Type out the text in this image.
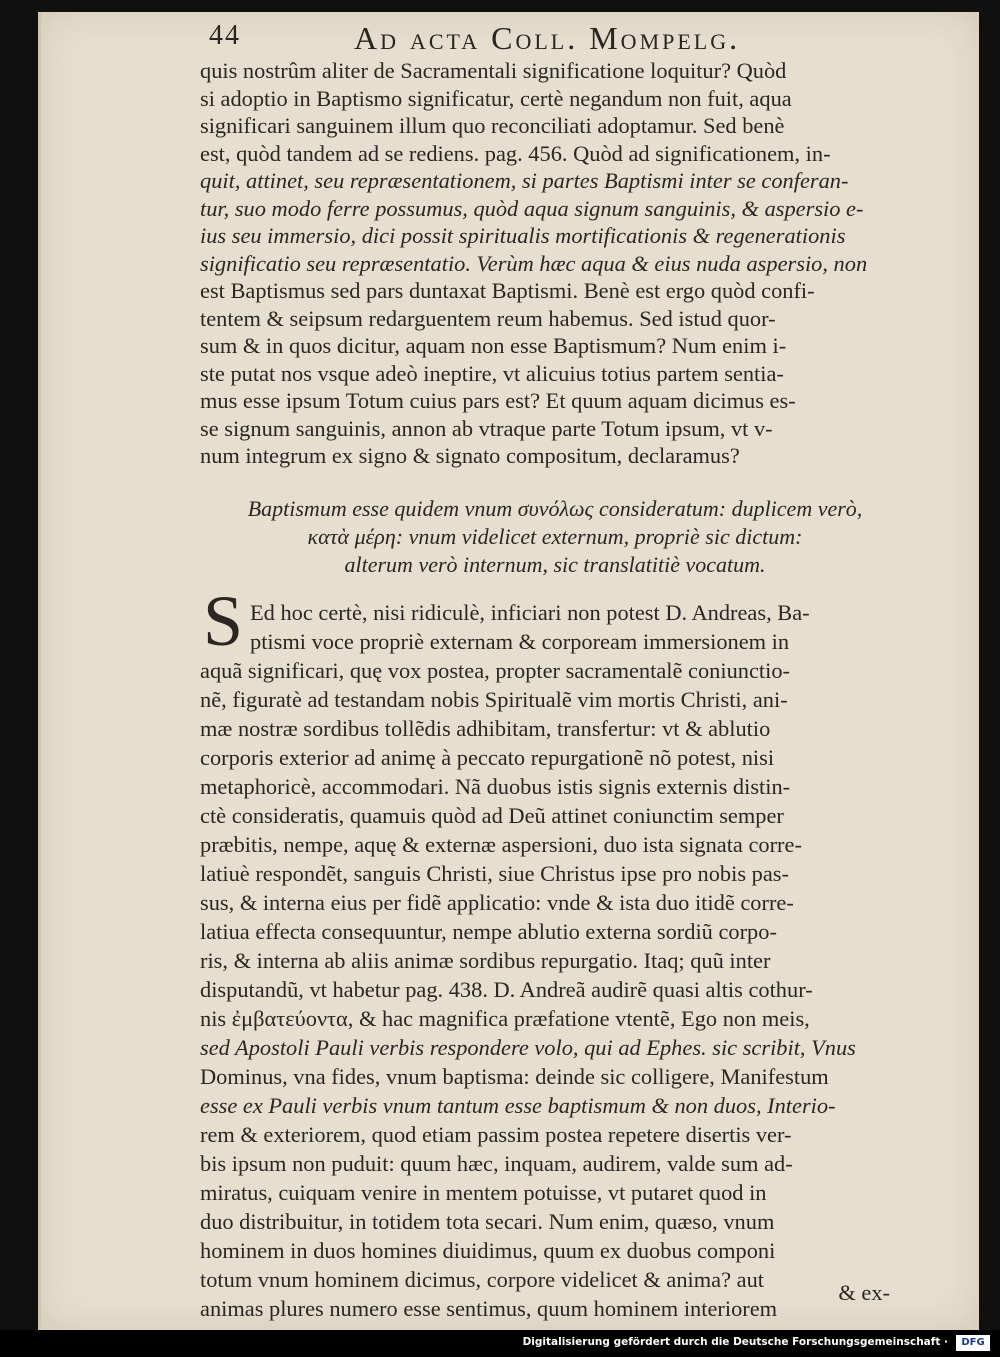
44	Ad acta Coll. Mompelg.
quis nostrûm aliter de Sacramentali significatione loquitur? Quòd
si adoptio in Baptismo significatur, certè negandum non fuit, aqua
significari sanguinem illum quo reconciliati adoptamur. Sed benè
est, quòd tandem ad se rediens. pag. 456. Quòd ad significationem, in-
quit, attinet, seu repræsentationem, si partes Baptismi inter se conferan-
tur, suo modo ferre possumus, quòd aqua signum sanguinis, & aspersio e-
ius seu immersio, dici possit spiritualis mortificationis & regenerationis
significatio seu repræsentatio. Verùm hæc aqua & eius nuda aspersio, non
est Baptismus sed pars duntaxat Baptismi. Benè est ergo quòd confi-
tentem & seipsum redarguentem reum habemus. Sed istud quor-
sum & in quos dicitur, aquam non esse Baptismum? Num enim i-
ste putat nos vsque adeò ineptire, vt alicuius totius partem sentia-
mus esse ipsum Totum cuius pars est? Et quum aquam dicimus es-
se signum sanguinis, annon ab vtraque parte Totum ipsum, vt v-
num integrum ex signo & signato compositum, declaramus?
Baptismum esse quidem vnum συνόλως consideratum: duplicem verò,
κατὰ μέρη: vnum videlicet externum, propriè sic dictum:
alterum verò internum, sic translatitiè vocatum.
S Ed hoc certè, nisi ridiculè, inficiari non potest D. Andreas, Ba-
ptismi voce propriè externam & corpoream immersionem in
aquã significari, quę vox postea, propter sacramentalẽ coniunctio-
nẽ, figuratè ad testandam nobis Spiritualẽ vim mortis Christi, ani-
mæ nostræ sordibus tollẽdis adhibitam, transfertur: vt & ablutio
corporis exterior ad animę à peccato repurgationẽ nõ potest, nisi
metaphoricè, accommodari. Nã duobus istis signis externis distin-
ctè consideratis, quamuis quòd ad Deũ attinet coniunctim semper
præbitis, nempe, aquę & externæ aspersioni, duo ista signata corre-
latiuè respondẽt, sanguis Christi, siue Christus ipse pro nobis pas-
sus, & interna eius per fidẽ applicatio: vnde & ista duo itidẽ corre-
latiua effecta consequuntur, nempe ablutio externa sordiũ corpo-
ris, & interna ab aliis animæ sordibus repurgatio. Itaq; quũ inter
disputandũ, vt habetur pag. 438. D. Andreã audirẽ quasi altis cothur-
nis ἐμβατεύοντα, & hac magnifica præfatione vtentẽ, Ego non meis,
sed Apostoli Pauli verbis respondere volo, qui ad Ephes. sic scribit, Vnus
Dominus, vna fides, vnum baptisma: deinde sic colligere, Manifestum
esse ex Pauli verbis vnum tantum esse baptismum & non duos, Interio-
rem & exteriorem, quod etiam passim postea repetere disertis ver-
bis ipsum non puduit: quum hæc, inquam, audirem, valde sum ad-
miratus, cuiquam venire in mentem potuisse, vt putaret quod in
duo distribuitur, in totidem tota secari. Num enim, quæso, vnum
hominem in duos homines diuidimus, quum ex duobus componi
totum vnum hominem dicimus, corpore videlicet & anima? aut
animas plures numero esse sentimus, quum hominem interiorem
& ex-
Digitalisierung gefördert durch die Deutsche Forschungsgemeinschaft ·	DFG
